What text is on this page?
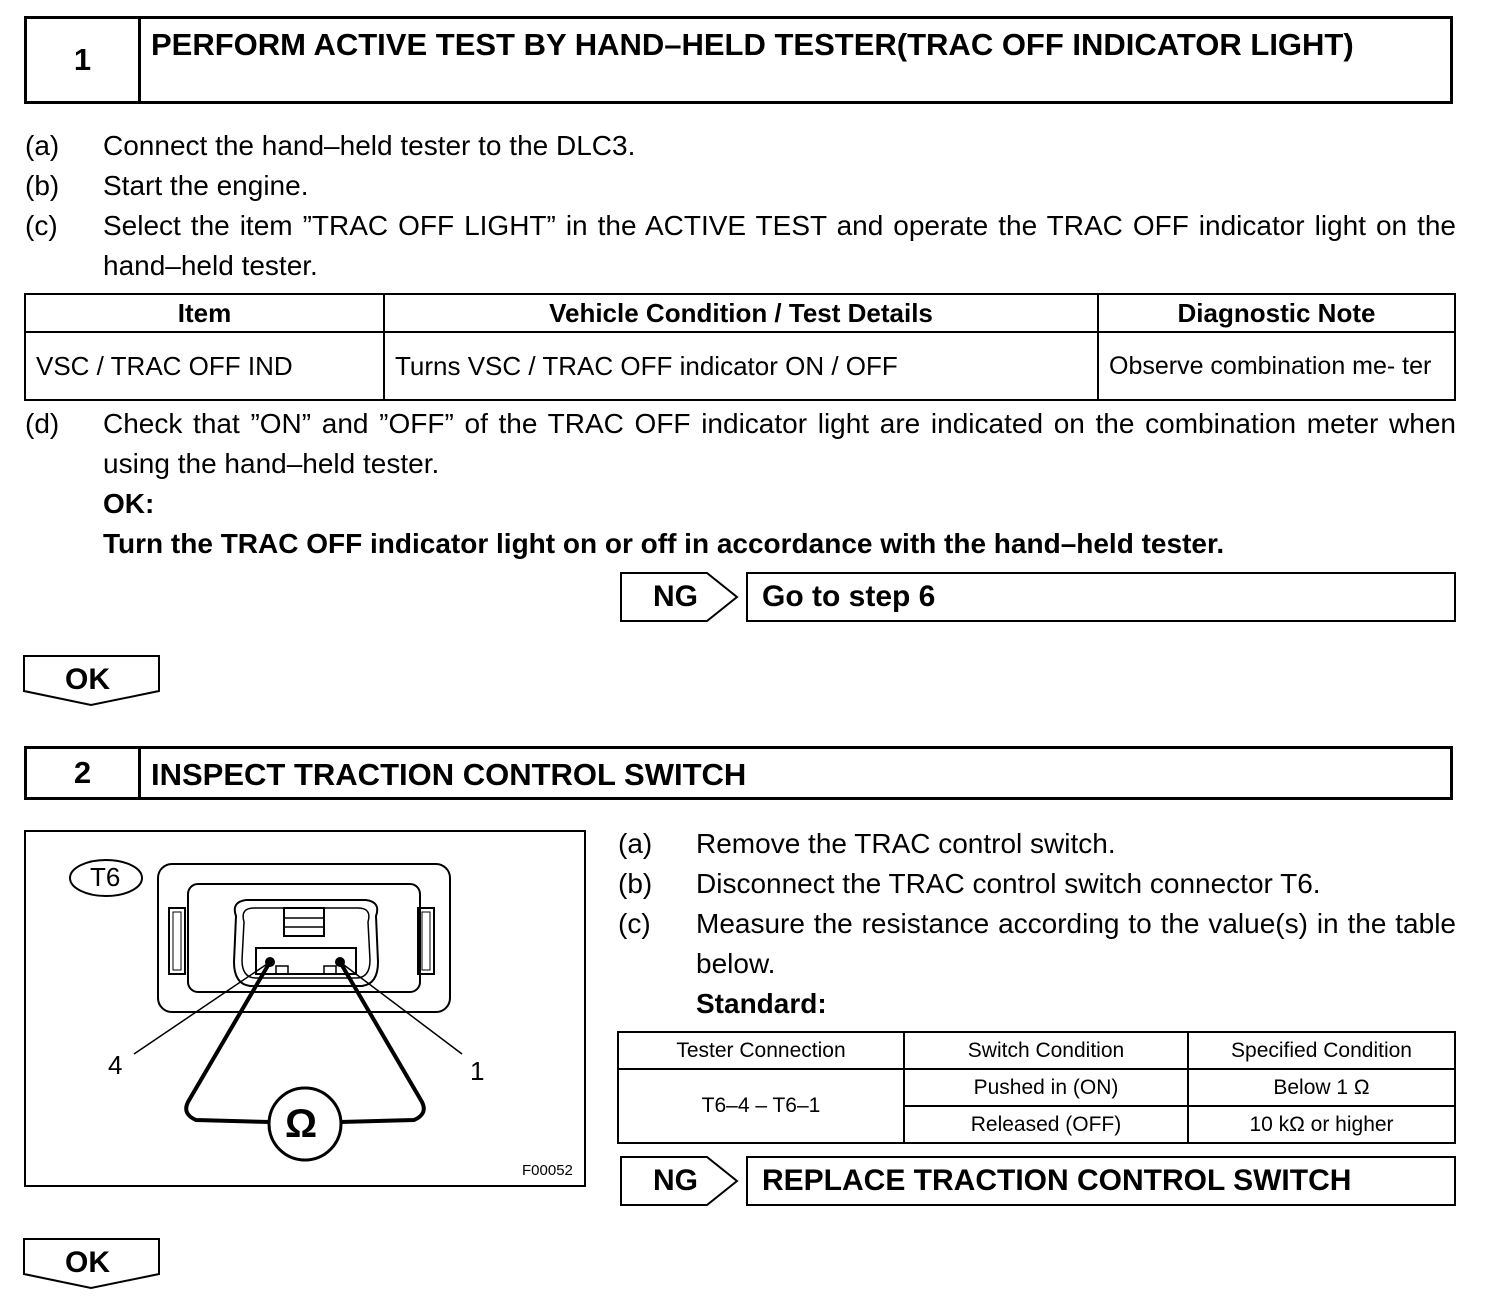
1	PERFORM ACTIVE TEST BY HAND–HELD TESTER(TRAC OFF INDICATOR LIGHT)
(a) Connect the hand–held tester to the DLC3.
(b) Start the engine.
(c) Select the item ”TRAC OFF LIGHT” in the ACTIVE TEST and operate the TRAC OFF indicator light on the hand–held tester.
Item	Vehicle Condition / Test Details	Diagnostic Note
VSC / TRAC OFF IND	Turns VSC / TRAC OFF indicator ON / OFF	Observe combination me- ter
(d) Check that ”ON” and ”OFF” of the TRAC OFF indicator light are indicated on the combination meter when using the hand–held tester.
OK:
Turn the TRAC OFF indicator light on or off in accordance with the hand–held tester.
NG Go to step 6
OK
2	INSPECT TRACTION CONTROL SWITCH
T6
4	1
Ω
F00052
(a) Remove the TRAC control switch.
(b) Disconnect the TRAC control switch connector T6.
(c) Measure the resistance according to the value(s) in the table below.
Standard:
Tester Connection	Switch Condition	Specified Condition
T6–4 – T6–1	Pushed in (ON)	Below 1 Ω
	Released (OFF)	10 kΩ or higher
NG REPLACE TRACTION CONTROL SWITCH
OK
